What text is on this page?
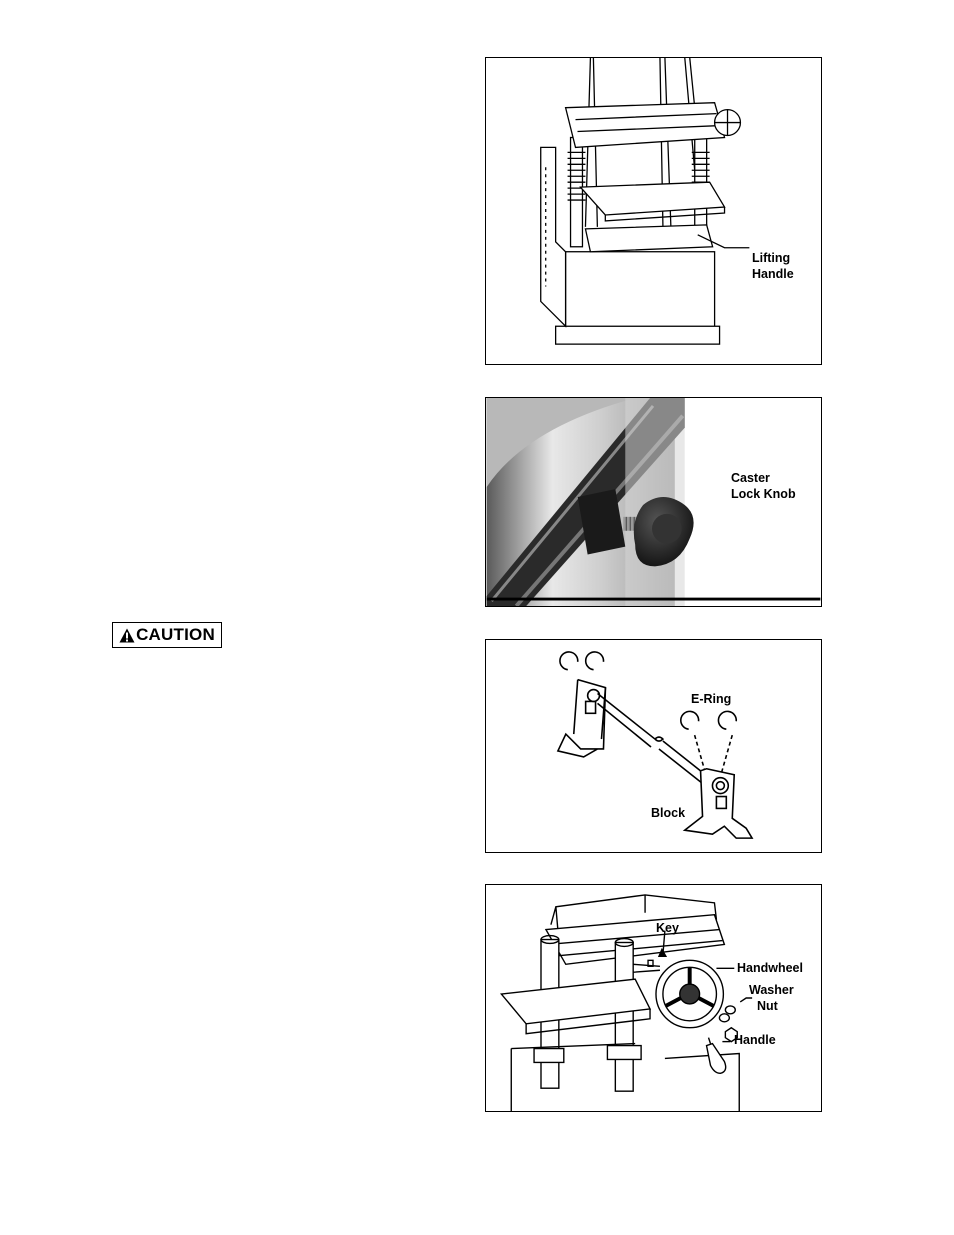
CAUTION
Lifting
Handle
Caster
Lock Knob
E-Ring
Block
Key
Handwheel
Washer
Nut
Handle
